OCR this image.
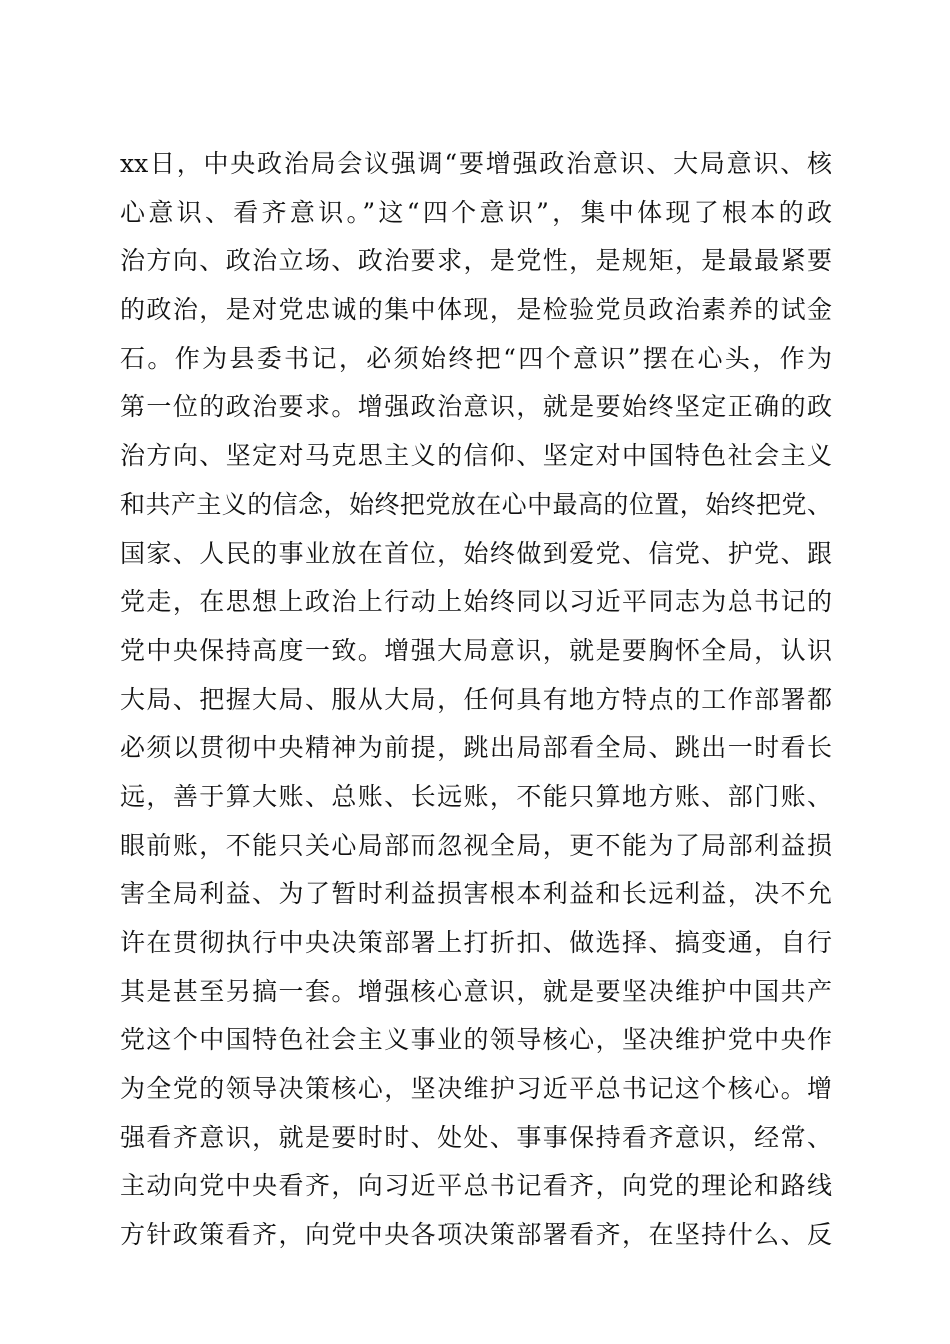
xx日，中央政治局会议强调“要增强政治意识、大局意识、核
心意识、看齐意识。”这“四个意识”，集中体现了根本的政
治方向、政治立场、政治要求，是党性，是规矩，是最最紧要
的政治，是对党忠诚的集中体现，是检验党员政治素养的试金
石。作为县委书记，必须始终把“四个意识”摆在心头，作为
第一位的政治要求。增强政治意识，就是要始终坚定正确的政
治方向、坚定对马克思主义的信仰、坚定对中国特色社会主义
和共产主义的信念，始终把党放在心中最高的位置，始终把党、
国家、人民的事业放在首位，始终做到爱党、信党、护党、跟
党走，在思想上政治上行动上始终同以习近平同志为总书记的
党中央保持高度一致。增强大局意识，就是要胸怀全局，认识
大局、把握大局、服从大局，任何具有地方特点的工作部署都
必须以贯彻中央精神为前提，跳出局部看全局、跳出一时看长
远，善于算大账、总账、长远账，不能只算地方账、部门账、
眼前账，不能只关心局部而忽视全局，更不能为了局部利益损
害全局利益、为了暂时利益损害根本利益和长远利益，决不允
许在贯彻执行中央决策部署上打折扣、做选择、搞变通，自行
其是甚至另搞一套。增强核心意识，就是要坚决维护中国共产
党这个中国特色社会主义事业的领导核心，坚决维护党中央作
为全党的领导决策核心，坚决维护习近平总书记这个核心。增
强看齐意识，就是要时时、处处、事事保持看齐意识，经常、
主动向党中央看齐，向习近平总书记看齐，向党的理论和路线
方针政策看齐，向党中央各项决策部署看齐，在坚持什么、反
